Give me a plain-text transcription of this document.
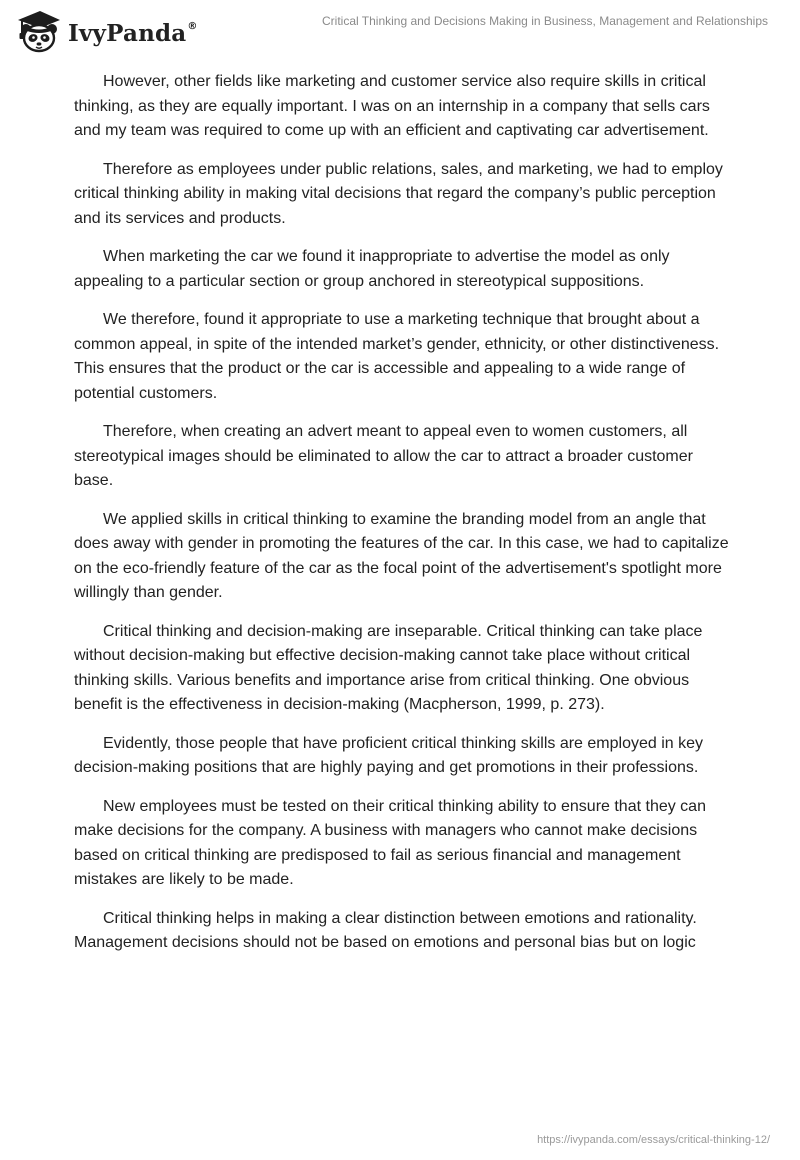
IvyPanda®	Critical Thinking and Decisions Making in Business, Management and Relationships

However, other fields like marketing and customer service also require skills in critical thinking, as they are equally important. I was on an internship in a company that sells cars and my team was required to come up with an efficient and captivating car advertisement.

Therefore as employees under public relations, sales, and marketing, we had to employ critical thinking ability in making vital decisions that regard the company’s public perception and its services and products.

When marketing the car we found it inappropriate to advertise the model as only appealing to a particular section or group anchored in stereotypical suppositions.

We therefore, found it appropriate to use a marketing technique that brought about a common appeal, in spite of the intended market’s gender, ethnicity, or other distinctiveness. This ensures that the product or the car is accessible and appealing to a wide range of potential customers.

Therefore, when creating an advert meant to appeal even to women customers, all stereotypical images should be eliminated to allow the car to attract a broader customer base.

We applied skills in critical thinking to examine the branding model from an angle that does away with gender in promoting the features of the car. In this case, we had to capitalize on the eco-friendly feature of the car as the focal point of the advertisement's spotlight more willingly than gender.

Critical thinking and decision-making are inseparable. Critical thinking can take place without decision-making but effective decision-making cannot take place without critical thinking skills. Various benefits and importance arise from critical thinking. One obvious benefit is the effectiveness in decision-making (Macpherson, 1999, p. 273).

Evidently, those people that have proficient critical thinking skills are employed in key decision-making positions that are highly paying and get promotions in their professions.

New employees must be tested on their critical thinking ability to ensure that they can make decisions for the company. A business with managers who cannot make decisions based on critical thinking are predisposed to fail as serious financial and management mistakes are likely to be made.

Critical thinking helps in making a clear distinction between emotions and rationality. Management decisions should not be based on emotions and personal bias but on logic

https://ivypanda.com/essays/critical-thinking-12/
